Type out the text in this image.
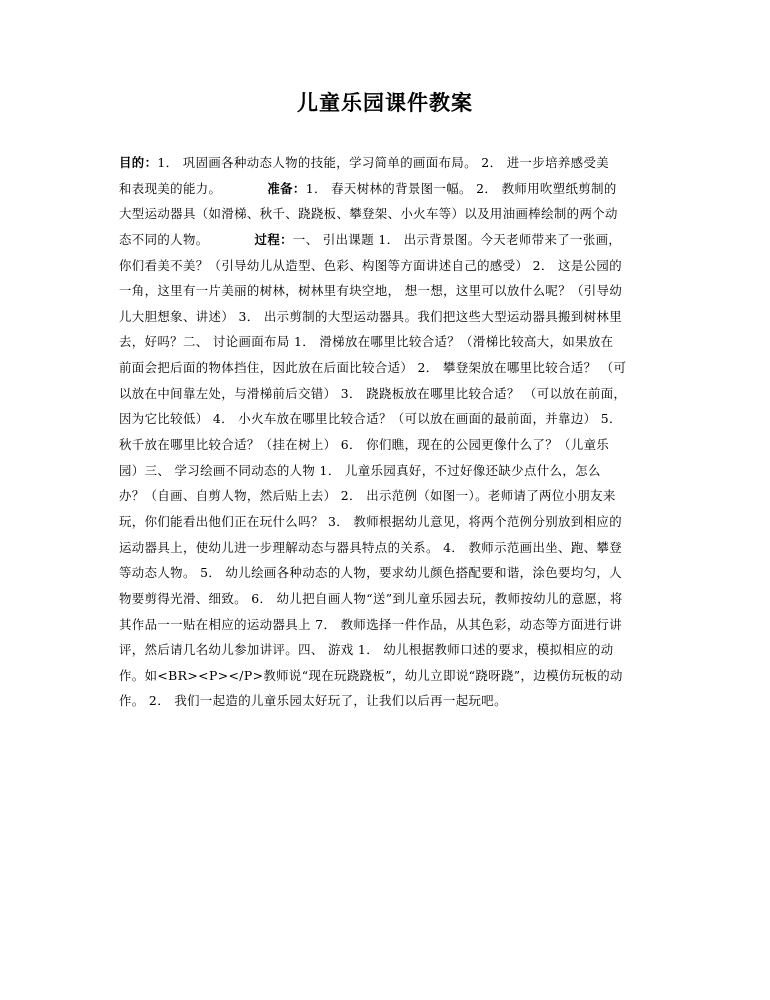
儿童乐园课件教案
目的：1． 巩固画各种动态人物的技能，学习简单的画面布局。 2． 进一步培养感受美
和表现美的能力。	准备：1． 春天树林的背景图一幅。 2． 教师用吹塑纸剪制的
大型运动器具（如滑梯、秋千、跷跷板、攀登架、小火车等）以及用油画棒绘制的两个动
态不同的人物。	过程：一、 引出课题 1． 出示背景图。今天老师带来了一张画，
你们看美不美？（引导幼儿从造型、色彩、构图等方面讲述自己的感受） 2． 这是公园的
一角，这里有一片美丽的树林，树林里有块空地， 想一想，这里可以放什么呢？（引导幼
儿大胆想象、讲述） 3． 出示剪制的大型运动器具。我们把这些大型运动器具搬到树林里
去，好吗？二、 讨论画面布局 1． 滑梯放在哪里比较合适？（滑梯比较高大，如果放在
前面会把后面的物体挡住，因此放在后面比较合适） 2． 攀登架放在哪里比较合适？ （可
以放在中间靠左处，与滑梯前后交错） 3． 跷跷板放在哪里比较合适？ （可以放在前面，
因为它比较低） 4． 小火车放在哪里比较合适？（可以放在画面的最前面，并靠边） 5．
秋千放在哪里比较合适？（挂在树上） 6． 你们瞧，现在的公园更像什么了？（儿童乐
园）三、 学习绘画不同动态的人物 1． 儿童乐园真好，不过好像还缺少点什么，怎么
办？（自画、自剪人物，然后贴上去） 2． 出示范例（如图一）。老师请了两位小朋友来
玩，你们能看出他们正在玩什么吗？ 3． 教师根据幼儿意见，将两个范例分别放到相应的
运动器具上，使幼儿进一步理解动态与器具特点的关系。 4． 教师示范画出坐、跑、攀登
等动态人物。 5． 幼儿绘画各种动态的人物，要求幼儿颜色搭配要和谐，涂色要均匀，人
物要剪得光滑、细致。 6． 幼儿把自画人物“送”到儿童乐园去玩，教师按幼儿的意愿，将
其作品一一贴在相应的运动器具上 7． 教师选择一件作品，从其色彩，动态等方面进行讲
评，然后请几名幼儿参加讲评。四、 游戏 1． 幼儿根据教师口述的要求，模拟相应的动
作。如<BR><P></P>教师说“现在玩跷跷板”，幼儿立即说“跷呀跷”，边模仿玩板的动
作。 2． 我们一起造的儿童乐园太好玩了，让我们以后再一起玩吧。
